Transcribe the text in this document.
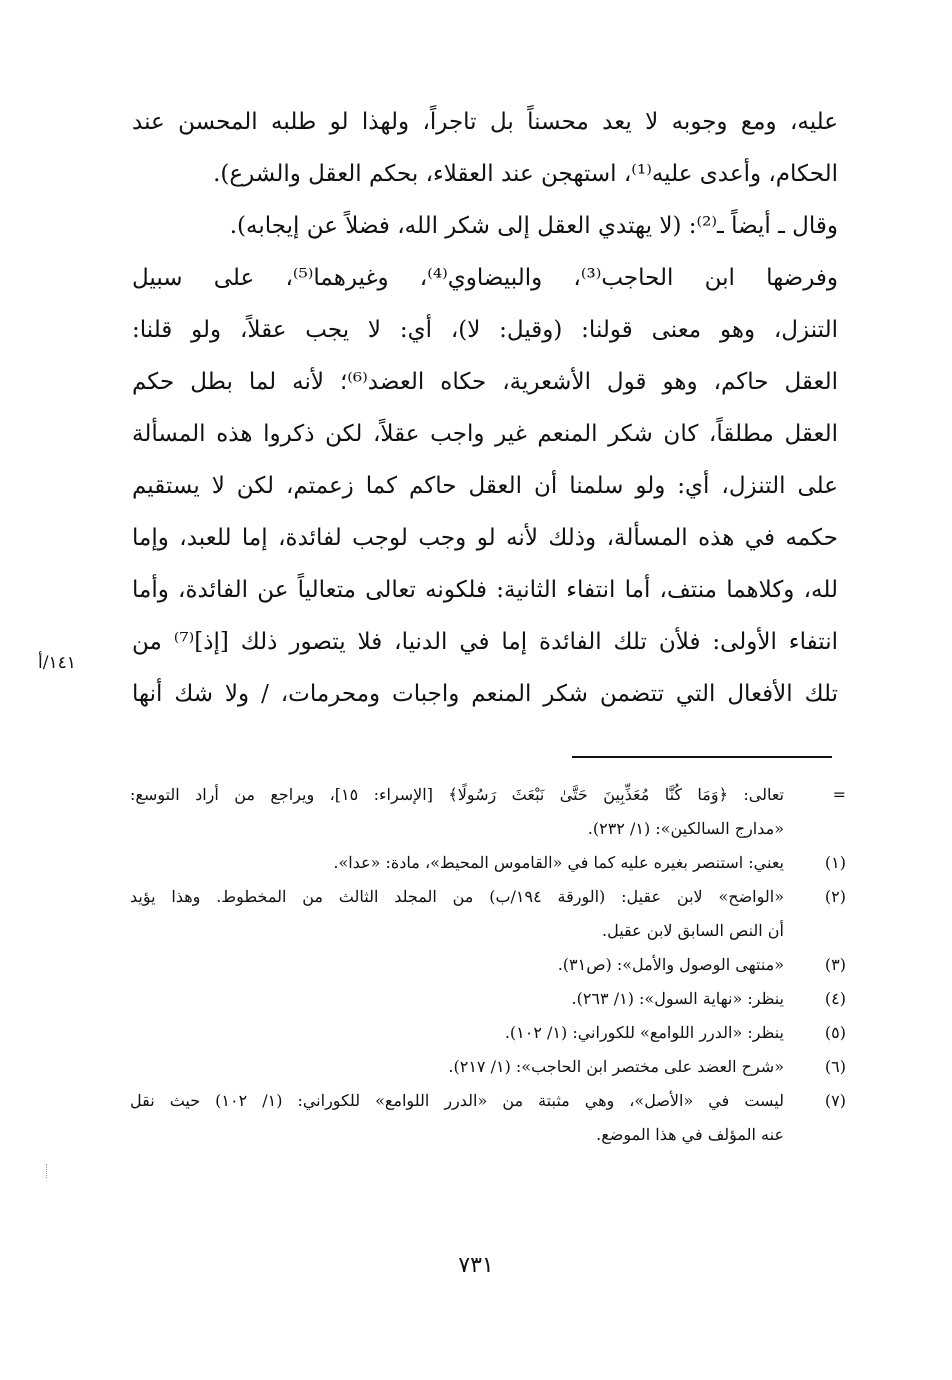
عليه، ومع وجوبه لا يعد محسناً بل تاجراً، ولهذا لو طلبه المحسن عند
الحكام، وأعدى عليه⁽¹⁾، استهجن عند العقلاء، بحكم العقل والشرع).
وقال ـ أيضاً ـ⁽²⁾: (لا يهتدي العقل إلى شكر الله، فضلاً عن إيجابه).
وفرضها ابن الحاجب⁽³⁾، والبيضاوي⁽⁴⁾، وغيرهما⁽⁵⁾، على سبيل
التنزل، وهو معنى قولنا: (وقيل: لا)، أي: لا يجب عقلاً، ولو قلنا:
العقل حاكم، وهو قول الأشعرية، حكاه العضد⁽⁶⁾؛ لأنه لما بطل حكم
العقل مطلقاً، كان شكر المنعم غير واجب عقلاً، لكن ذكروا هذه المسألة
على التنزل، أي: ولو سلمنا أن العقل حاكم كما زعمتم، لكن لا يستقيم
حكمه في هذه المسألة، وذلك لأنه لو وجب لوجب لفائدة، إما للعبد، وإما
لله، وكلاهما منتف، أما انتفاء الثانية: فلكونه تعالى متعالياً عن الفائدة، وأما
انتفاء الأولى: فلأن تلك الفائدة إما في الدنيا، فلا يتصور ذلك [إذ]⁽⁷⁾ من
تلك الأفعال التي تتضمن شكر المنعم واجبات ومحرمات، / ولا شك أنها
١٤١/أ
=
تعالى: ﴿وَمَا كُنَّا مُعَذِّبِينَ حَتَّىٰ نَبْعَثَ رَسُولًا﴾ [الإسراء: ١٥]، ويراجع من أراد التوسع:
«مدارج السالكين»: (١/ ٢٣٢).
(١)
يعني: استنصر بغيره عليه كما في «القاموس المحيط»، مادة: «عدا».
(٢)
«الواضح» لابن عقيل: (الورقة ١٩٤/ب) من المجلد الثالث من المخطوط. وهذا يؤيد
أن النص السابق لابن عقيل.
(٣)
«منتهى الوصول والأمل»: (ص٣١).
(٤)
ينظر: «نهاية السول»: (١/ ٢٦٣).
(٥)
ينظر: «الدرر اللوامع» للكوراني: (١/ ١٠٢).
(٦)
«شرح العضد على مختصر ابن الحاجب»: (١/ ٢١٧).
(٧)
ليست في «الأصل»، وهي مثبتة من «الدرر اللوامع» للكوراني: (١/ ١٠٢) حيث نقل
عنه المؤلف في هذا الموضع.
٧٣١
